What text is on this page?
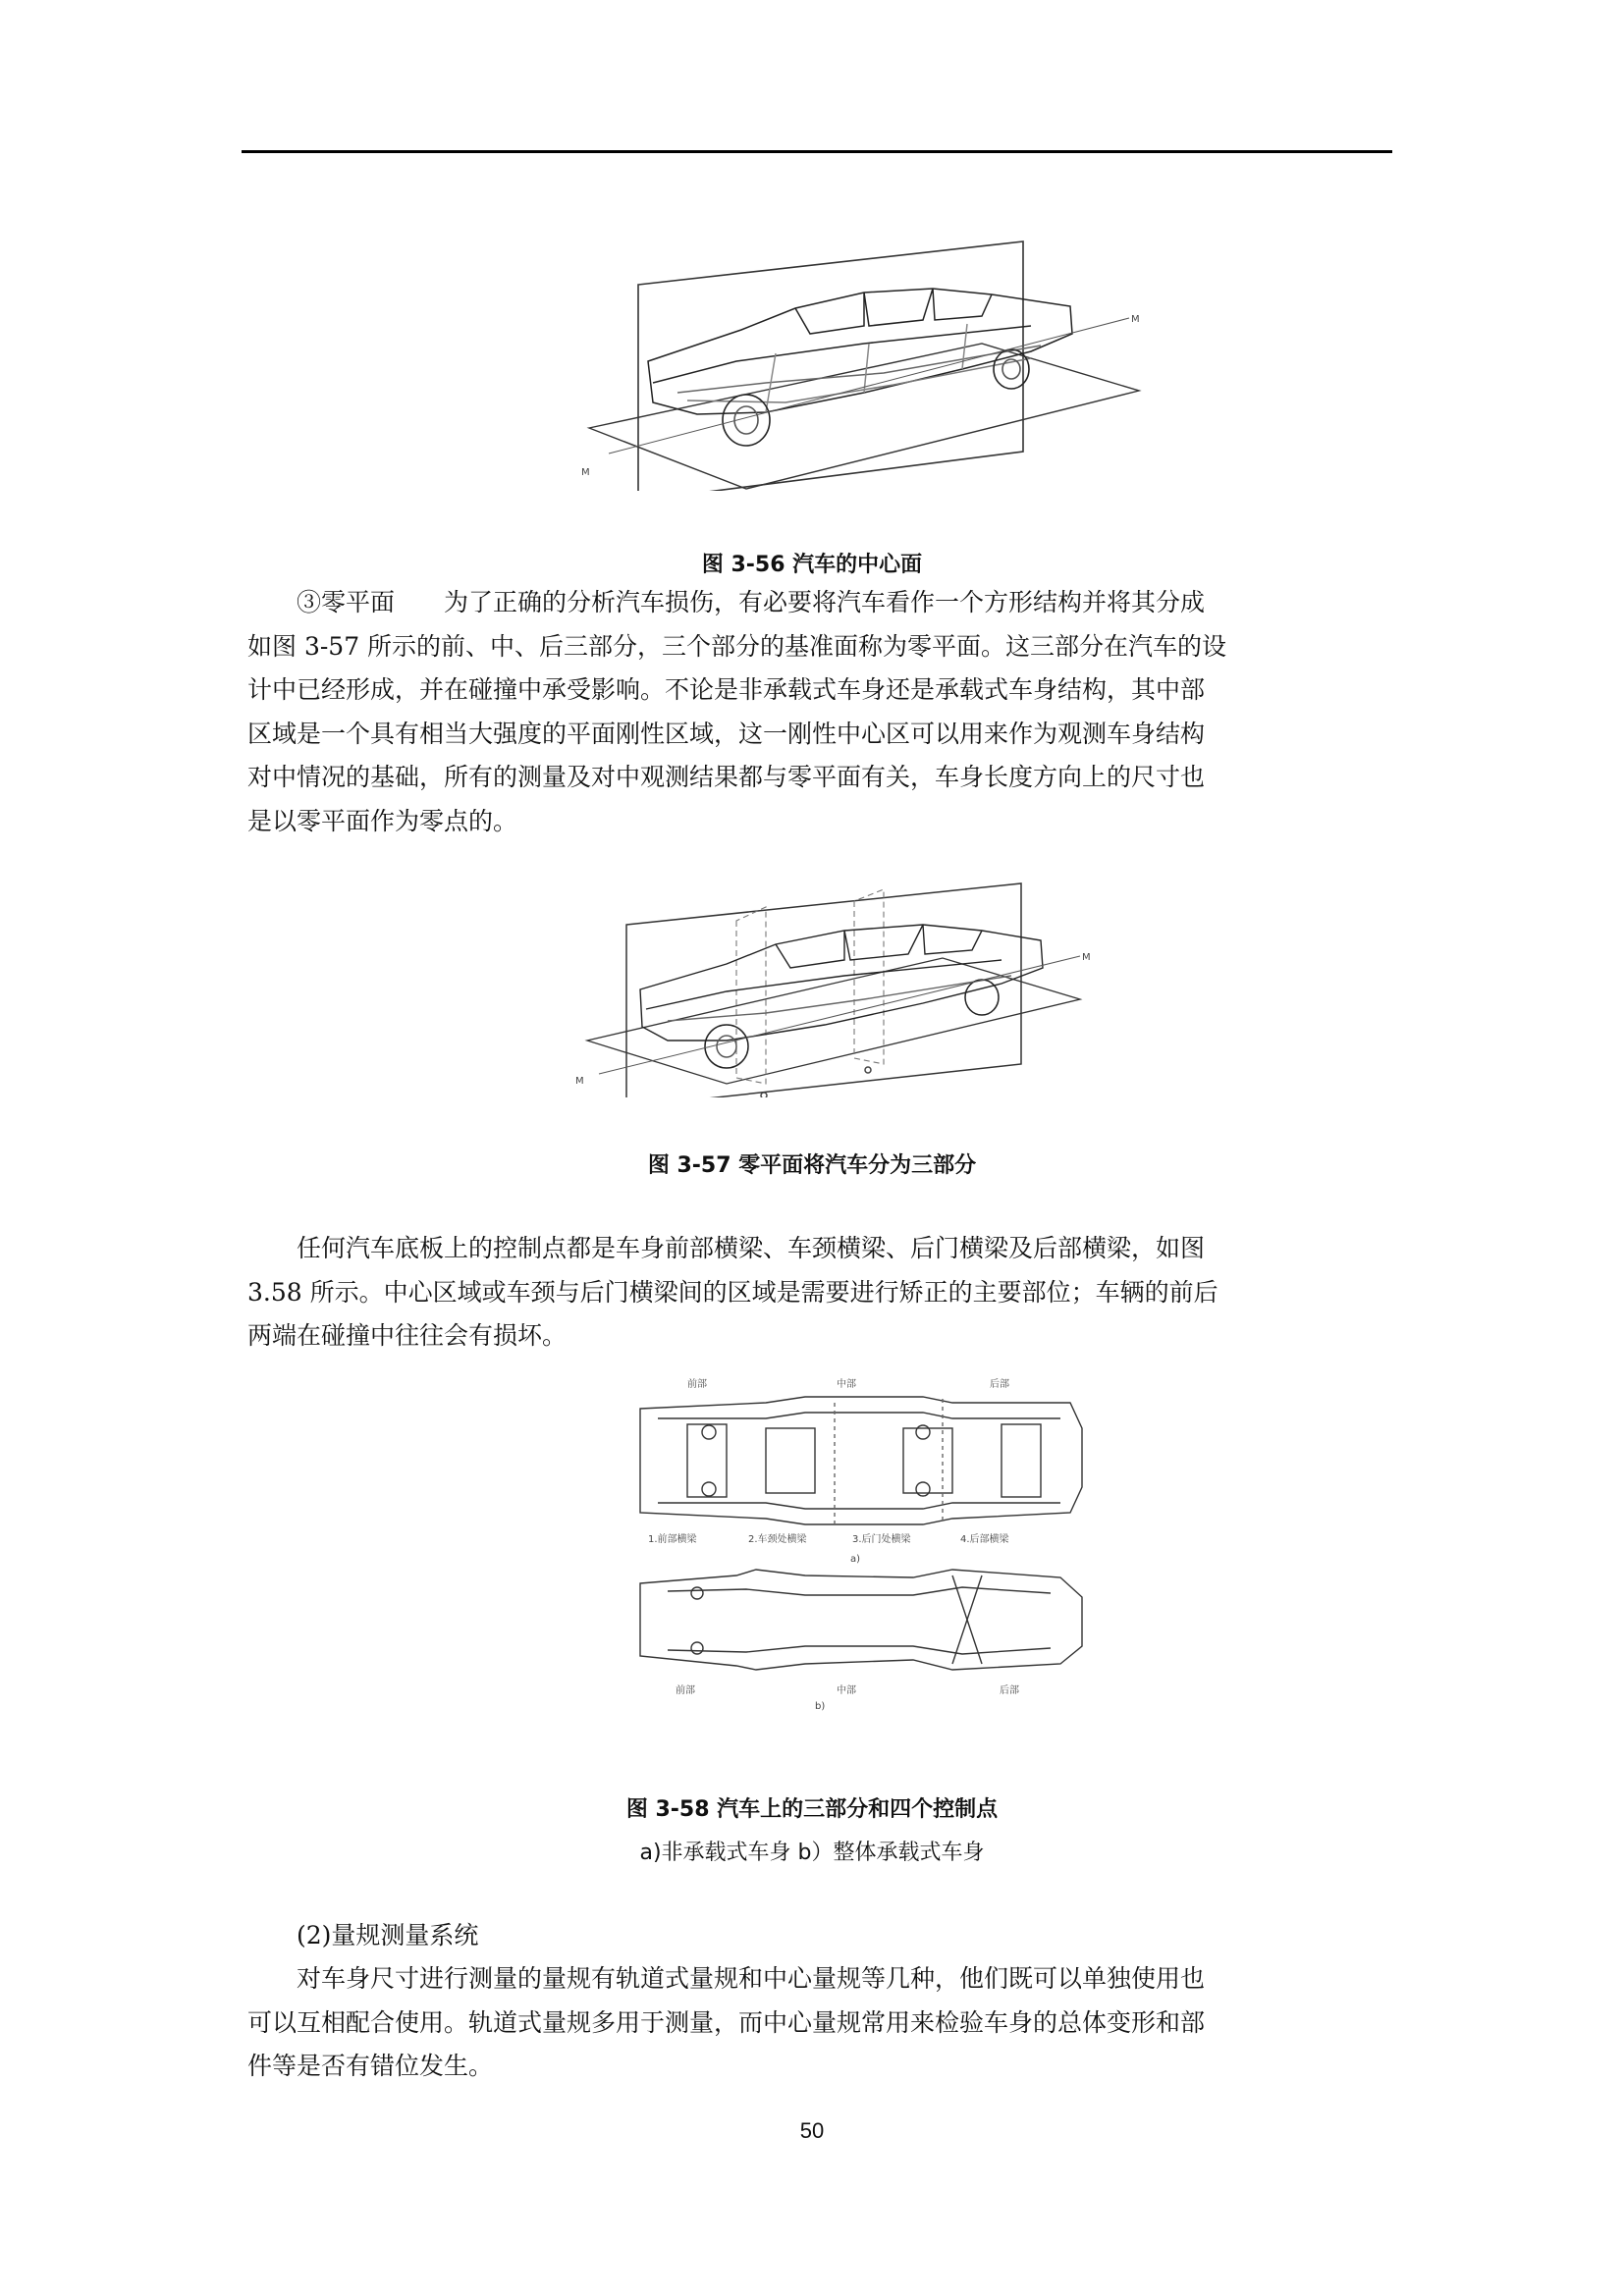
M
M
图 3-56 汽车的中心面

③零平面 为了正确的分析汽车损伤，有必要将汽车看作一个方形结构并将其分成

如图 3-57 所示的前、中、后三部分，三个部分的基准面称为零平面。这三部分在汽车的设

计中已经形成，并在碰撞中承受影响。不论是非承载式车身还是承载式车身结构，其中部

区域是一个具有相当大强度的平面刚性区域，这一刚性中心区可以用来作为观测车身结构

对中情况的基础，所有的测量及对中观测结果都与零平面有关，车身长度方向上的尺寸也

是以零平面作为零点的。

M
M
图 3-57 零平面将汽车分为三部分

任何汽车底板上的控制点都是车身前部横梁、车颈横梁、后门横梁及后部横梁，如图

3.58 所示。中心区域或车颈与后门横梁间的区域是需要进行矫正的主要部位；车辆的前后

两端在碰撞中往往会有损坏。

前部	中部	后部
1.前部横梁	2.车颈处横梁	3.后门处横梁	4.后部横梁
a)
前部	中部	后部
b)
图 3-58 汽车上的三部分和四个控制点
a)非承载式车身 b）整体承载式车身

(2)量规测量系统

对车身尺寸进行测量的量规有轨道式量规和中心量规等几种，他们既可以单独使用也

可以互相配合使用。轨道式量规多用于测量，而中心量规常用来检验车身的总体变形和部

件等是否有错位发生。

50
